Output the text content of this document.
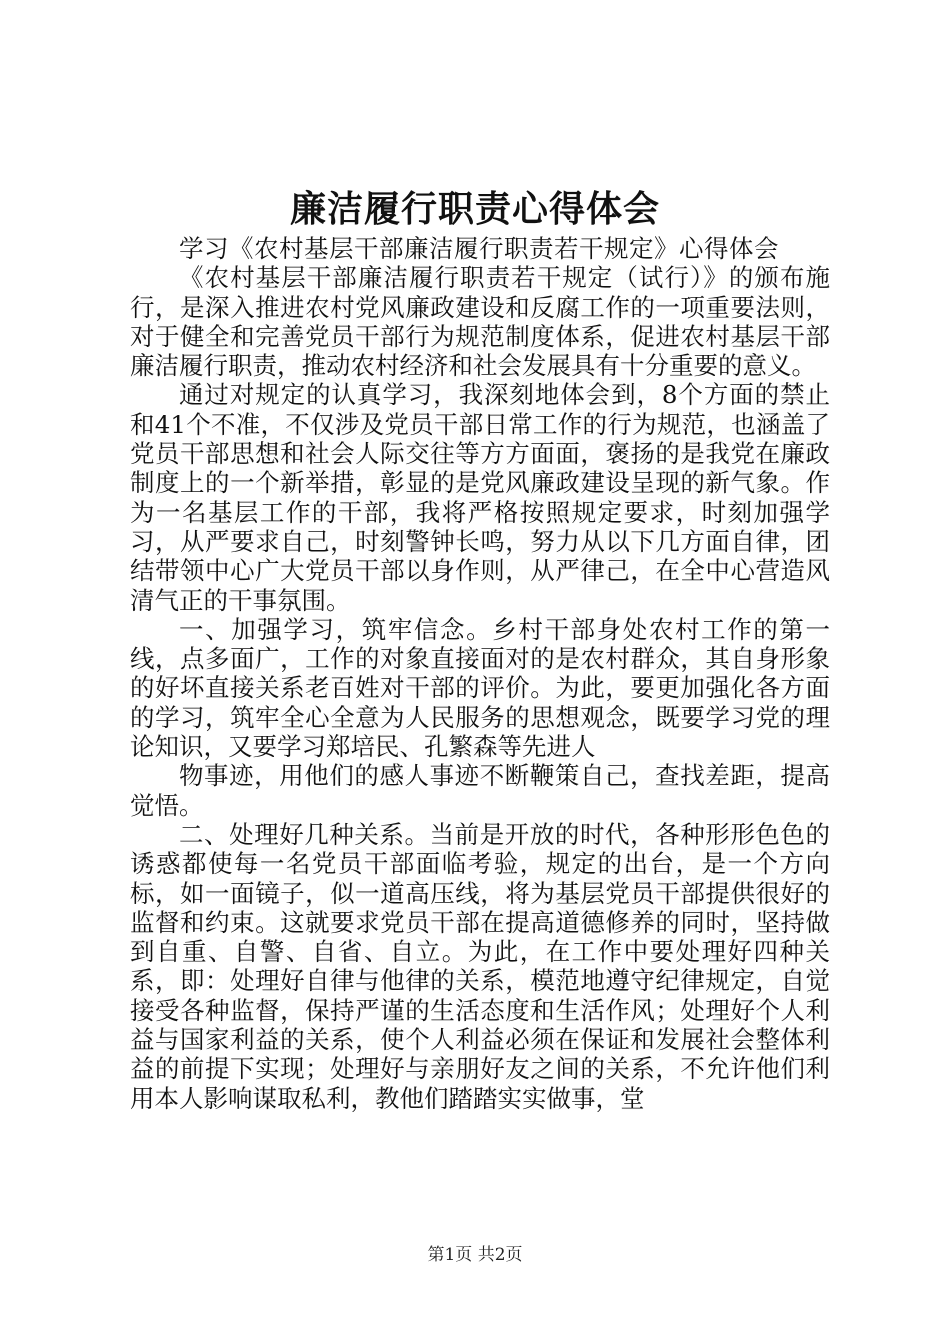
廉洁履行职责心得体会

学习《农村基层干部廉洁履行职责若干规定》心得体会

《农村基层干部廉洁履行职责若干规定（试行）》的颁布施行，是深入推进农村党风廉政建设和反腐工作的一项重要法则，对于健全和完善党员干部行为规范制度体系，促进农村基层干部廉洁履行职责，推动农村经济和社会发展具有十分重要的意义。

通过对规定的认真学习，我深刻地体会到，8个方面的禁止和41个不准，不仅涉及党员干部日常工作的行为规范，也涵盖了党员干部思想和社会人际交往等方方面面，褒扬的是我党在廉政制度上的一个新举措，彰显的是党风廉政建设呈现的新气象。作为一名基层工作的干部，我将严格按照规定要求，时刻加强学习，从严要求自己，时刻警钟长鸣，努力从以下几方面自律，团结带领中心广大党员干部以身作则，从严律己，在全中心营造风清气正的干事氛围。

一、加强学习，筑牢信念。乡村干部身处农村工作的第一线，点多面广，工作的对象直接面对的是农村群众，其自身形象的好坏直接关系老百姓对干部的评价。为此，要更加强化各方面的学习，筑牢全心全意为人民服务的思想观念，既要学习党的理论知识，又要学习郑培民、孔繁森等先进人

物事迹，用他们的感人事迹不断鞭策自己，查找差距，提高觉悟。

二、处理好几种关系。当前是开放的时代，各种形形色色的诱惑都使每一名党员干部面临考验，规定的出台，是一个方向标，如一面镜子，似一道高压线，将为基层党员干部提供很好的监督和约束。这就要求党员干部在提高道德修养的同时，坚持做到自重、自警、自省、自立。为此，在工作中要处理好四种关系，即：处理好自律与他律的关系，模范地遵守纪律规定，自觉接受各种监督，保持严谨的生活态度和生活作风；处理好个人利益与国家利益的关系，使个人利益必须在保证和发展社会整体利益的前提下实现；处理好与亲朋好友之间的关系，不允许他们利用本人影响谋取私利，教他们踏踏实实做事，堂

第1页 共2页
